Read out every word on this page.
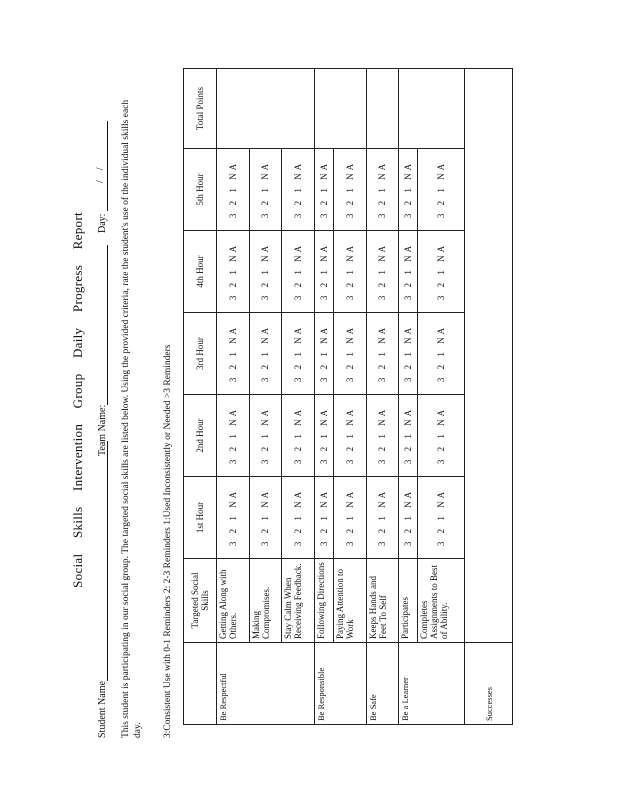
Social Skills Intervention Group Daily Progress Report
Student Name
Team Name:
Day:
/    / This student is participating in our social group. The targeted social skills are listed below. Using the provided criteria, rate the student's use of the individual skills each day. 3:Consistent Use with 0-1 Reminders 2: 2-3 Reminders 1:Used Inconsistently or Needed >3 Reminders
	Targeted Social Skills	1st Hour	2nd Hour	3rd Hour	4th Hour	5th Hour	Total Points
Be Respectful	Getting Along with Others.	3 2 1 NA	3 2 1 NA	3 2 1 NA	3 2 1 NA	3 2 1 NA	
	Making Compromises.	3 2 1 NA	3 2 1 NA	3 2 1 NA	3 2 1 NA	3 2 1 NA	
	Stay Calm When Receiving Feedback.	3 2 1 NA	3 2 1 NA	3 2 1 NA	3 2 1 NA	3 2 1 NA	
Be Responsible	Following Directions	3 2 1 NA	3 2 1 NA	3 2 1 NA	3 2 1 NA	3 2 1 NA	
	Paying Attention to Work	3 2 1 NA	3 2 1 NA	3 2 1 NA	3 2 1 NA	3 2 1 NA	
Be Safe	Keeps Hands and Feet To Self	3 2 1 NA	3 2 1 NA	3 2 1 NA	3 2 1 NA	3 2 1 NA	
Be a Learner	Participates	3 2 1 NA	3 2 1 NA	3 2 1 NA	3 2 1 NA	3 2 1 NA	
	Completes Assignments to Best of Ability.	3 2 1 NA	3 2 1 NA	3 2 1 NA	3 2 1 NA	3 2 1 NA	
Successes							
